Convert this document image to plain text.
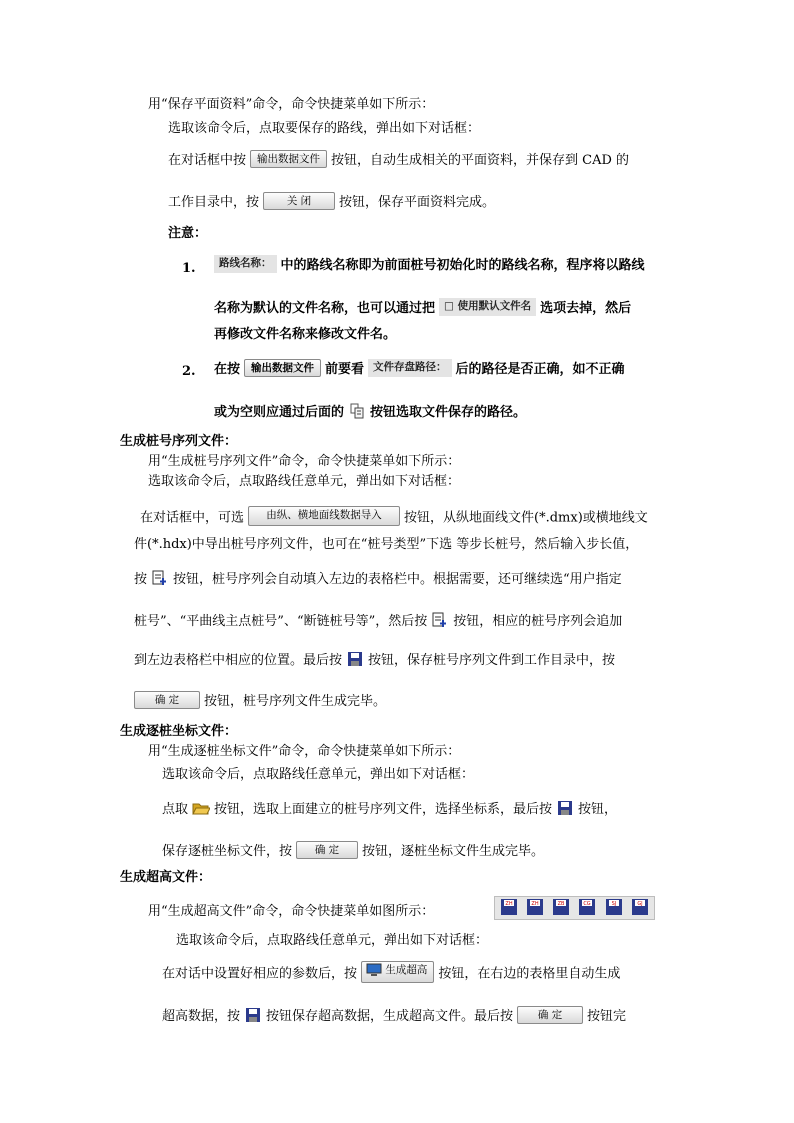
用“保存平面资料”命令，命令快捷菜单如下所示：
选取该命令后，点取要保存的路线，弹出如下对话框：
在对话框中按 输出数据文件 按钮，自动生成相关的平面资料，并保存到 CAD 的
工作目录中，按	关 闭 按钮，保存平面资料完成。
注意：
1.	路线名称： 中的路线名称即为前面桩号初始化时的路线名称，程序将以路线
名称为默认的文件名称，也可以通过把 □ 使用默认文件名 选项去掉，然后
再修改文件名称来修改文件名。
2. 在按 输出数据文件 前要看 文件存盘路径： 后的路径是否正确，如不正确
或为空则应通过后面的 按钮选取文件保存的路径。
生成桩号序列文件：
用“生成桩号序列文件”命令，命令快捷菜单如下所示：
选取该命令后，点取路线任意单元，弹出如下对话框：
在对话框中，可选 由纵、横地面线数据导入 按钮，从纵地面线文件(*.dmx)或横地线文
件(*.hdx)中导出桩号序列文件，也可在“桩号类型”下选 等步长桩号，然后输入步长值，
按 按钮，桩号序列会自动填入左边的表格栏中。根据需要，还可继续选“用户指定
桩号”、“平曲线主点桩号”、“断链桩号等”，然后按 按钮，相应的桩号序列会追加
到左边表格栏中相应的位置。最后按 按钮，保存桩号序列文件到工作目录中，按
确 定 按钮，桩号序列文件生成完毕。
生成逐桩坐标文件：
用“生成逐桩坐标文件”命令，命令快捷菜单如下所示：
选取该命令后，点取路线任意单元，弹出如下对话框：
点取 按钮，选取上面建立的桩号序列文件，选择坐标系，最后按 按钮，
保存逐桩坐标文件，按 确 定 按钮，逐桩坐标文件生成完毕。
生成超高文件：
用“生成超高文件”命令，命令快捷菜单如图所示：	ZH
	ZH
	ZB
	CG
	SJ
	GJ
选取该命令后，点取路线任意单元，弹出如下对话框：
在对话中设置好相应的参数后，按	生成超高 按钮，在右边的表格里自动生成
超高数据，按 按钮保存超高数据，生成超高文件。最后按 确 定 按钮完
